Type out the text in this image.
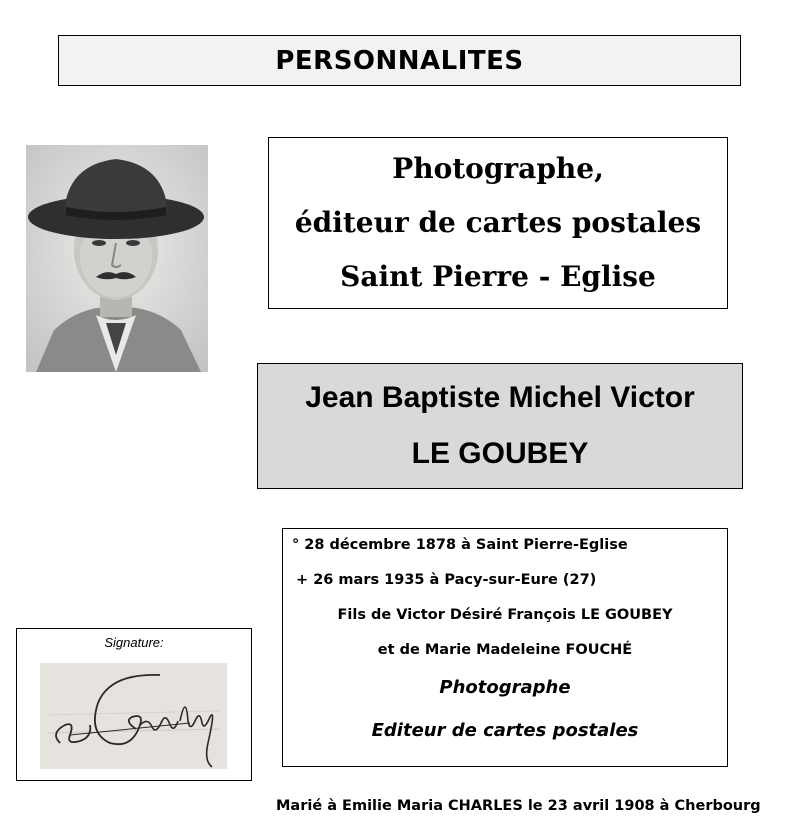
PERSONNALITES
Photographe,
éditeur de cartes postales
Saint Pierre - Eglise
Jean Baptiste Michel Victor
LE GOUBEY
° 28 décembre 1878 à Saint Pierre-Eglise
+ 26 mars 1935 à Pacy-sur-Eure (27)
Fils de Victor Désiré François LE GOUBEY
et de Marie Madeleine FOUCHÉ
Photographe
Editeur de cartes postales
Signature:
Marié à Emilie Maria CHARLES le 23 avril 1908 à Cherbourg
